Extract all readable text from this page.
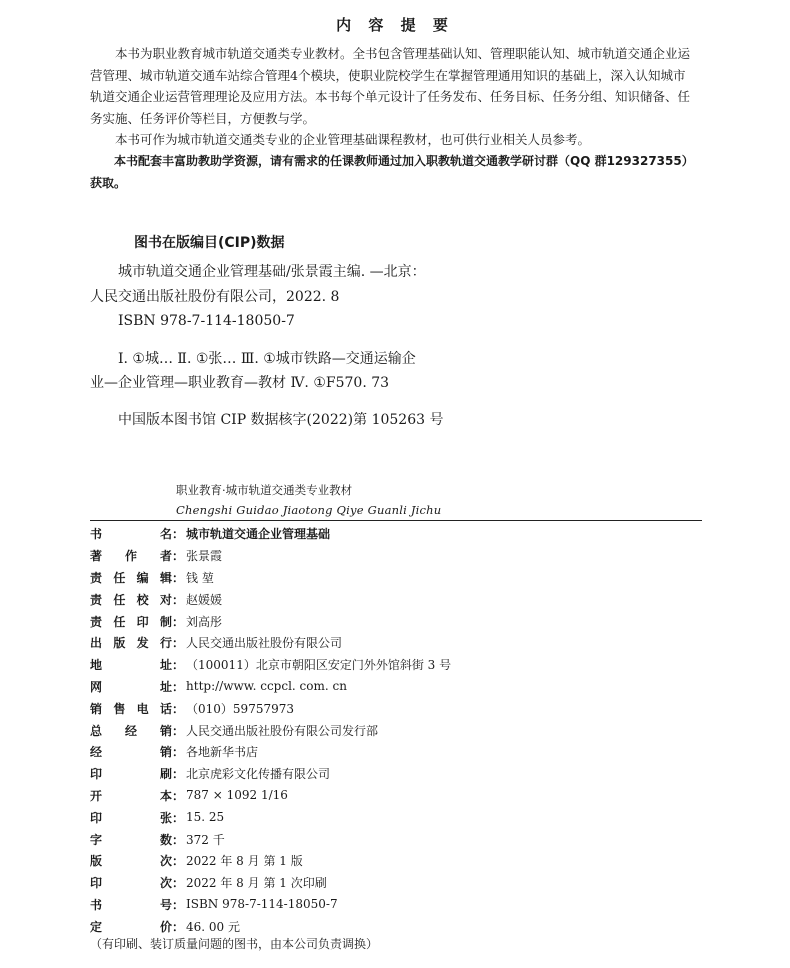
内 容 提 要

本书为职业教育城市轨道交通类专业教材。全书包含管理基础认知、管理职能认知、城市轨道交通企业运营管理、城市轨道交通车站综合管理4个模块，使职业院校学生在掌握管理通用知识的基础上，深入认知城市轨道交通企业运营管理理论及应用方法。本书每个单元设计了任务发布、任务目标、任务分组、知识储备、任务实施、任务评价等栏目，方便教与学。

本书可作为城市轨道交通类专业的企业管理基础课程教材，也可供行业相关人员参考。

本书配套丰富助教助学资源，请有需求的任课教师通过加入职教轨道交通教学研讨群（QQ 群129327355）获取。

图书在版编目(CIP)数据

城市轨道交通企业管理基础/张景霞主编. —北京：

人民交通出版社股份有限公司，2022. 8

ISBN 978-7-114-18050-7

Ⅰ. ①城… Ⅱ. ①张… Ⅲ. ①城市铁路—交通运输企

业—企业管理—职业教育—教材 Ⅳ. ①F570. 73

中国版本图书馆 CIP 数据核字(2022)第 105263 号

职业教育·城市轨道交通类专业教材

Chengshi Guidao Jiaotong Qiye Guanli Jichu

书	名 ： 城市轨道交通企业管理基础
著 作 者 ： 张景霞
责 任 编 辑 ： 钱 堃
责 任 校 对 ： 赵媛媛
责 任 印 制 ： 刘高彤
出 版 发 行 ： 人民交通出版社股份有限公司
地	址 ： （100011）北京市朝阳区安定门外外馆斜街 3 号
网	址 ： http://www. ccpcl. com. cn
销 售 电 话 ： （010）59757973
总 经 销 ： 人民交通出版社股份有限公司发行部
经	销 ： 各地新华书店
印	刷 ： 北京虎彩文化传播有限公司
开	本 ： 787 × 1092 1/16
印	张 ： 15. 25
字	数 ： 372 千
版	次 ： 2022 年 8 月 第 1 版
印	次 ： 2022 年 8 月 第 1 次印刷
书	号 ： ISBN 978-7-114-18050-7
定	价 ： 46. 00 元
（有印刷、装订质量问题的图书，由本公司负责调换）
